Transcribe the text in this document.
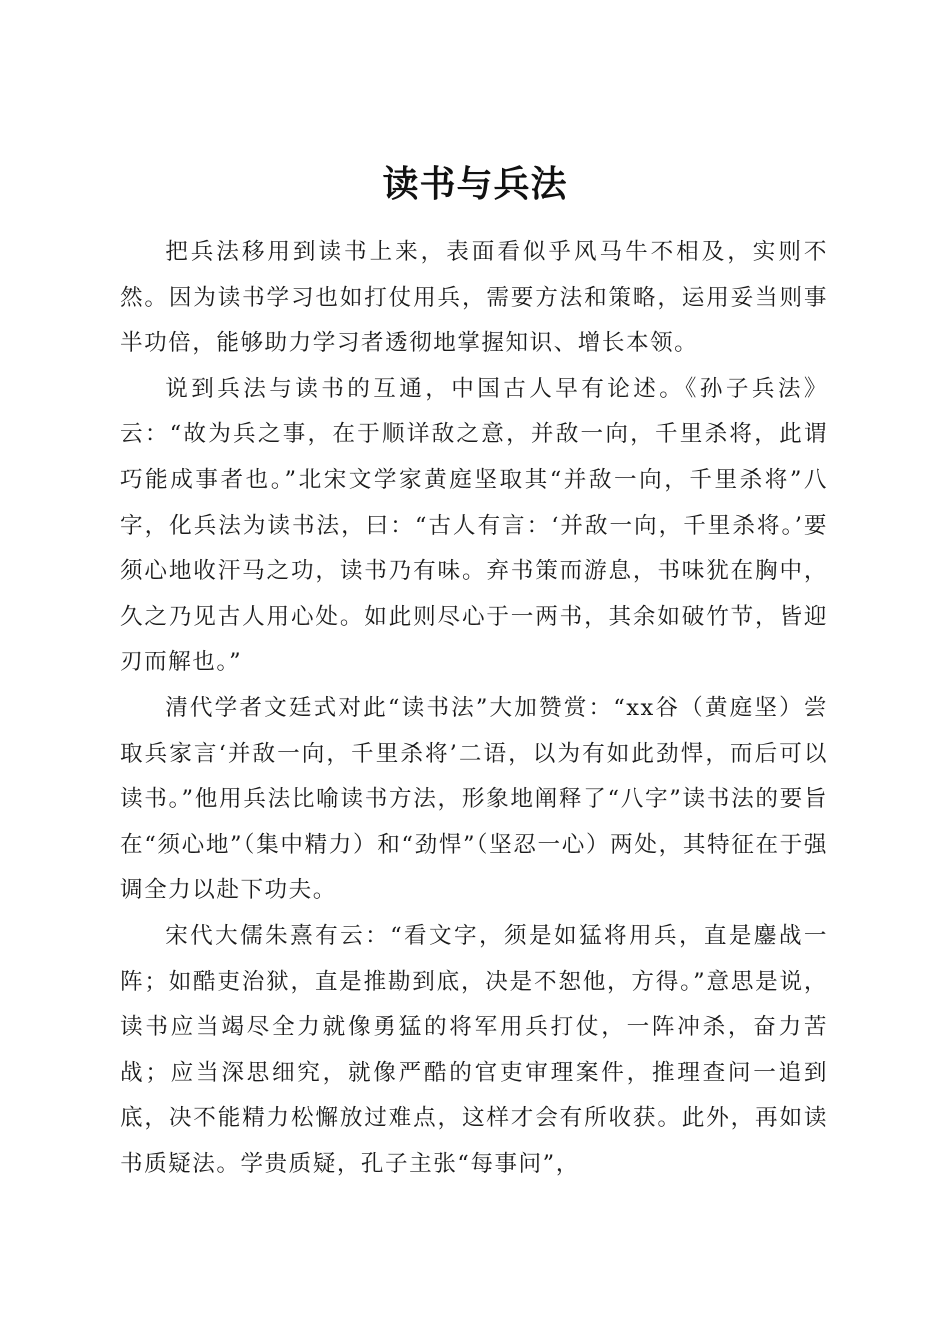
读书与兵法

把兵法移用到读书上来，表面看似乎风马牛不相及，实则不然。因为读书学习也如打仗用兵，需要方法和策略，运用妥当则事半功倍，能够助力学习者透彻地掌握知识、增长本领。

说到兵法与读书的互通，中国古人早有论述。《孙子兵法》云：“故为兵之事，在于顺详敌之意，并敌一向，千里杀将，此谓巧能成事者也。”北宋文学家黄庭坚取其“并敌一向，千里杀将”八字，化兵法为读书法，曰：“古人有言：‘并敌一向，千里杀将。’要须心地收汗马之功，读书乃有味。弃书策而游息，书味犹在胸中，久之乃见古人用心处。如此则尽心于一两书，其余如破竹节，皆迎刃而解也。”

清代学者文廷式对此“读书法”大加赞赏：“xx谷（黄庭坚）尝取兵家言‘并敌一向，千里杀将’二语，以为有如此劲悍，而后可以读书。”他用兵法比喻读书方法，形象地阐释了“八字”读书法的要旨在“须心地”（集中精力）和“劲悍”（坚忍一心）两处，其特征在于强调全力以赴下功夫。

宋代大儒朱熹有云：“看文字，须是如猛将用兵，直是鏖战一阵；如酷吏治狱，直是推勘到底，决是不恕他，方得。”意思是说，读书应当竭尽全力就像勇猛的将军用兵打仗，一阵冲杀，奋力苦战；应当深思细究，就像严酷的官吏审理案件，推理查问一追到底，决不能精力松懈放过难点，这样才会有所收获。此外，再如读书质疑法。学贵质疑，孔子主张“每事问”，
